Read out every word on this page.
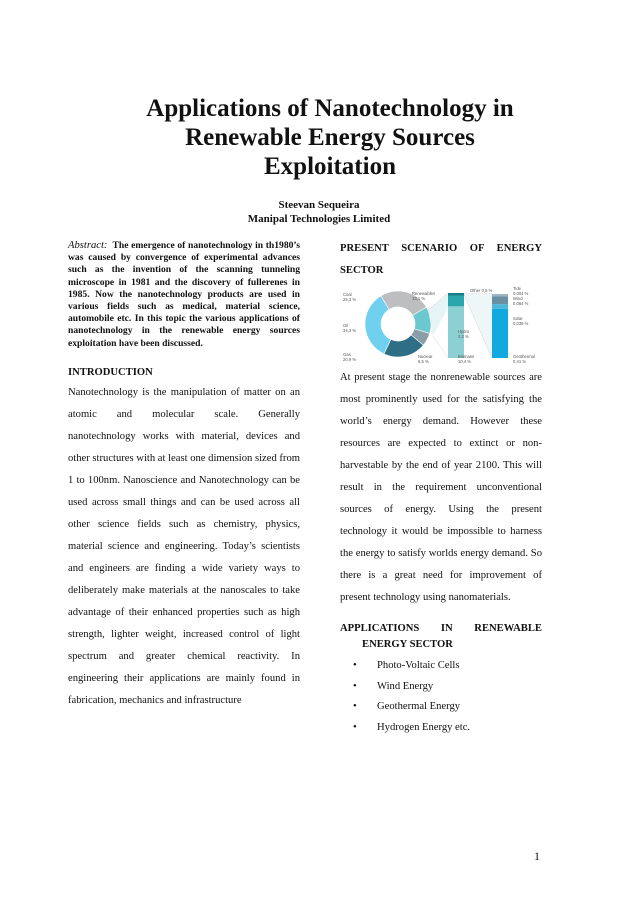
Applications of Nanotechnology in
Renewable Energy Sources
Exploitation
Steevan Sequeira
Manipal Technologies Limited
Abstract: The emergence of nanotechnology in th1980’s was caused by convergence of experimental advances such as the invention of the scanning tunneling microscope in 1981 and the discovery of fullerenes in 1985. Now the nanotechnology products are used in various fields such as medical, material science, automobile etc. In this topic the various applications of nanotechnology in the renewable energy sources exploitation have been discussed.
INTRODUCTION
Nanotechnology is the manipulation of matter on an atomic and molecular scale. Generally nanotechnology works with material, devices and other structures with at least one dimension sized from 1 to 100nm. Nanoscience and Nanotechnology can be used across small things and can be used across all other science fields such as chemistry, physics, material science and engineering. Today’s scientists and engineers are finding a wide variety ways to deliberately make materials at the nanoscales to take advantage of their enhanced properties such as high strength, lighter weight, increased control of light spectrum and greater chemical reactivity. In engineering their applications are mainly found in fabrication, mechanics and infrastructure
PRESENT SCENARIO OF ENERGY SECTOR
Coal
25,3 %
Gas
20,9 %
Oil
34,3 %
Renewables
13,1 %
Nuclear
6,5 %
Other 0,5 %
Hydro
2,2 %
Biomass
10,4 %
Tide
0,004 %
Wind
0,064 %
Solar
0,039 %
Geothermal
0,41 %
At present stage the nonrenewable sources are most prominently used for the satisfying the world’s energy demand. However these resources are expected to extinct or non-harvestable by the end of year 2100. This will result in the requirement unconventional sources of energy. Using the present technology it would be impossible to harness the energy to satisfy worlds energy demand. So there is a great need for improvement of present technology using nanomaterials.
APPLICATIONS IN RENEWABLE
ENERGY SECTOR
• Photo-Voltaic Cells
• Wind Energy
• Geothermal Energy
• Hydrogen Energy etc.
1
